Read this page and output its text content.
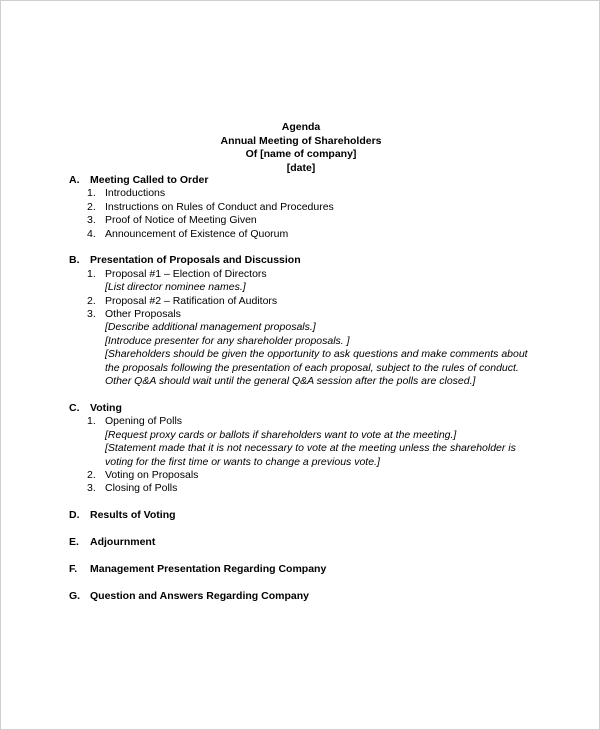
Agenda
Annual Meeting of Shareholders
Of [name of company]
[date]
A. Meeting Called to Order
1. Introductions
2. Instructions on Rules of Conduct and Procedures
3. Proof of Notice of Meeting Given
4. Announcement of Existence of Quorum
B. Presentation of Proposals and Discussion
1. Proposal #1 – Election of Directors
[List director nominee names.]
2. Proposal #2 – Ratification of Auditors
3. Other Proposals
[Describe additional management proposals.]
[Introduce presenter for any shareholder proposals. ]
[Shareholders should be given the opportunity to ask questions and make comments about the proposals following the presentation of each proposal, subject to the rules of conduct. Other Q&A should wait until the general Q&A session after the polls are closed.]
C. Voting
1. Opening of Polls
[Request proxy cards or ballots if shareholders want to vote at the meeting.]
[Statement made that it is not necessary to vote at the meeting unless the shareholder is voting for the first time or wants to change a previous vote.]
2. Voting on Proposals
3. Closing of Polls
D. Results of Voting
E. Adjournment
F. Management Presentation Regarding Company
G. Question and Answers Regarding Company
